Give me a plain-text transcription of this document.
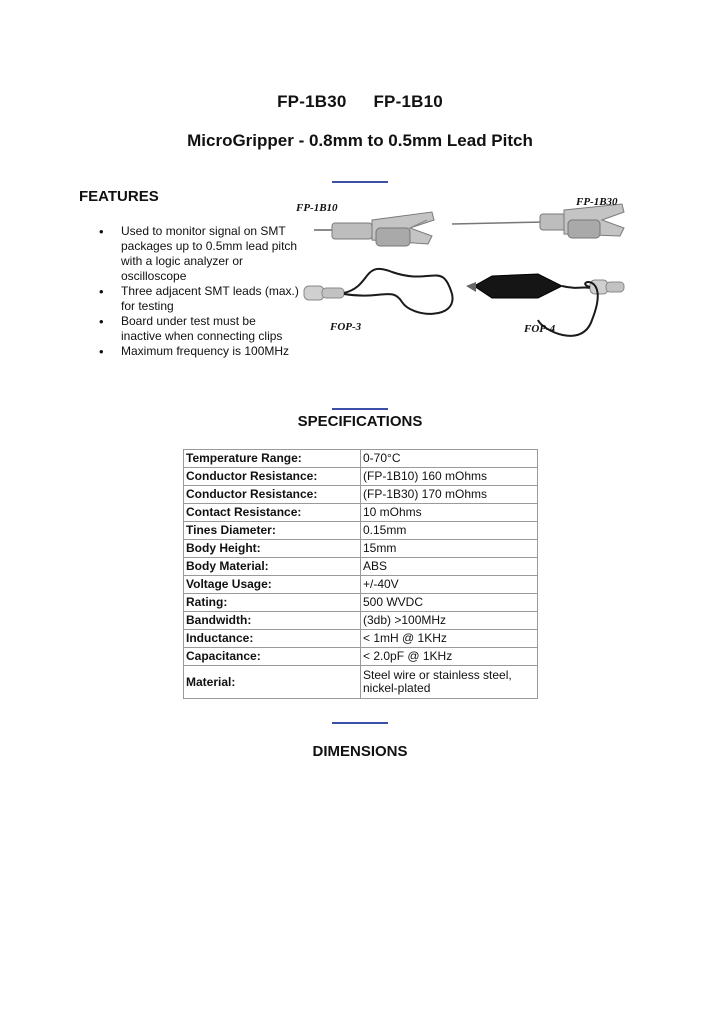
FP-1B30 FP-1B10
MicroGripper - 0.8mm to 0.5mm Lead Pitch
FEATURES
• Used to monitor signal on SMT packages up to 0.5mm lead pitch with a logic analyzer or oscilloscope
• Three adjacent SMT leads (max.) for testing
• Board under test must be inactive when connecting clips
• Maximum frequency is 100MHz
FP-1B10	FP-1B30
FOP-3	FOP-4
SPECIFICATIONS
Temperature Range:	0-70°C
Conductor Resistance:	(FP-1B10) 160 mOhms
Conductor Resistance:	(FP-1B30) 170 mOhms
Contact Resistance:	10 mOhms
Tines Diameter:	0.15mm
Body Height:	15mm
Body Material:	ABS
Voltage Usage:	+/-40V
Rating:	500 WVDC
Bandwidth:	(3db) >100MHz
Inductance:	< 1mH @ 1KHz
Capacitance:	< 2.0pF @ 1KHz
Material:	Steel wire or stainless steel, nickel-plated
DIMENSIONS
